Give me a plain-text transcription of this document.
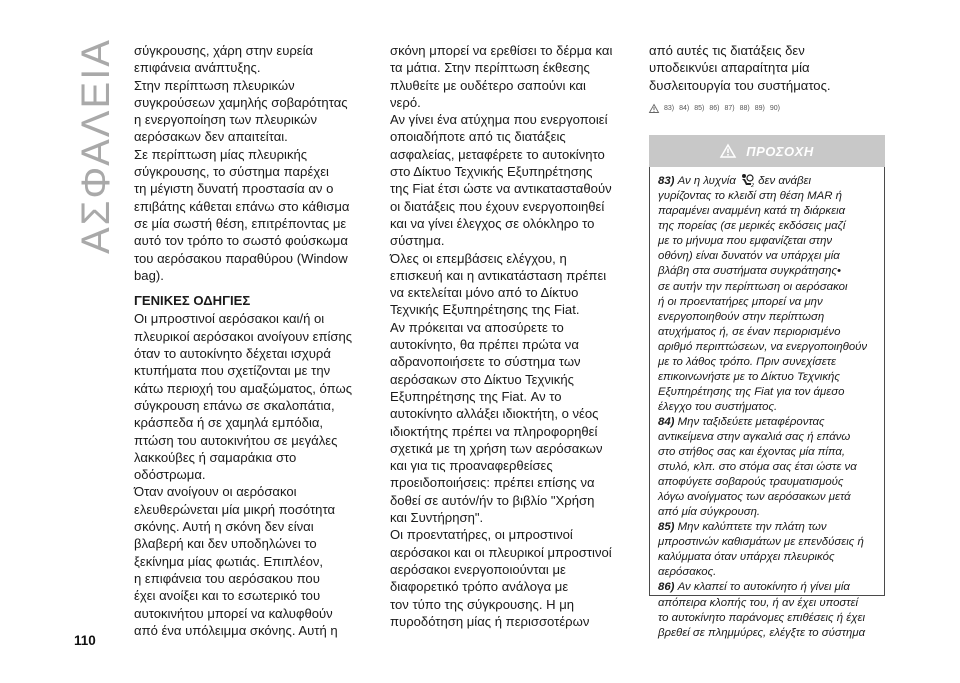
ΑΣΦΑΛΕΙΑ
110

σύγκρουσης, χάρη στην ευρεία

επιφάνεια ανάπτυξης.

Στην περίπτωση πλευρικών

συγκρούσεων χαμηλής σοβαρότητας

η ενεργοποίηση των πλευρικών

αερόσακων δεν απαιτείται.

Σε περίπτωση μίας πλευρικής

σύγκρουσης, το σύστημα παρέχει

τη μέγιστη δυνατή προστασία αν ο

επιβάτης κάθεται επάνω στο κάθισμα

σε μία σωστή θέση, επιτρέποντας με

αυτό τον τρόπο το σωστό φούσκωμα

του αερόσακου παραθύρου (Window

bag).

ΓΕΝΙΚΕΣ ΟΔΗΓΙΕΣ

Οι μπροστινοί αερόσακοι και/ή οι

πλευρικοί αερόσακοι ανοίγουν επίσης

όταν το αυτοκίνητο δέχεται ισχυρά

κτυπήματα που σχετίζονται με την

κάτω περιοχή του αμαξώματος, όπως

σύγκρουση επάνω σε σκαλοπάτια,

κράσπεδα ή σε χαμηλά εμπόδια,

πτώση του αυτοκινήτου σε μεγάλες

λακκούβες ή σαμαράκια στο

οδόστρωμα.

Όταν ανοίγουν οι αερόσακοι

ελευθερώνεται μία μικρή ποσότητα

σκόνης. Αυτή η σκόνη δεν είναι

βλαβερή και δεν υποδηλώνει το

ξεκίνημα μίας φωτιάς. Επιπλέον,

η επιφάνεια του αερόσακου που

έχει ανοίξει και το εσωτερικό του

αυτοκινήτου μπορεί να καλυφθούν

από ένα υπόλειμμα σκόνης. Αυτή η

σκόνη μπορεί να ερεθίσει το δέρμα και

τα μάτια. Στην περίπτωση έκθεσης

πλυθείτε με ουδέτερο σαπούνι και

νερό.

Αν γίνει ένα ατύχημα που ενεργοποιεί

οποιαδήποτε από τις διατάξεις

ασφαλείας, μεταφέρετε το αυτοκίνητο

στο Δίκτυο Τεχνικής Εξυπηρέτησης

της Fiat έτσι ώστε να αντικατασταθούν

οι διατάξεις που έχουν ενεργοποιηθεί

και να γίνει έλεγχος σε ολόκληρο το

σύστημα.

Όλες οι επεμβάσεις ελέγχου, η

επισκευή και η αντικατάσταση πρέπει

να εκτελείται μόνο από το Δίκτυο

Τεχνικής Εξυπηρέτησης της Fiat.

Αν πρόκειται να αποσύρετε το

αυτοκίνητο, θα πρέπει πρώτα να

αδρανοποιήσετε το σύστημα των

αερόσακων στο Δίκτυο Τεχνικής

Εξυπηρέτησης της Fiat. Αν το

αυτοκίνητο αλλάξει ιδιοκτήτη, ο νέος

ιδιοκτήτης πρέπει να πληροφορηθεί

σχετικά με τη χρήση των αερόσακων

και για τις προαναφερθείσες

προειδοποιήσεις: πρέπει επίσης να

δοθεί σε αυτόν/ήν το βιβλίο "Χρήση

και Συντήρηση".

Οι προεντατήρες, οι μπροστινοί

αερόσακοι και οι πλευρικοί μπροστινοί

αερόσακοι ενεργοποιούνται με

διαφορετικό τρόπο ανάλογα με

τον τύπο της σύγκρουσης. Η μη

πυροδότηση μίας ή περισσοτέρων

από αυτές τις διατάξεις δεν

υποδεικνύει απαραίτητα μία

δυσλειτουργία του συστήματος.

83) 84) 85) 86) 87) 88) 89) 90)
ΠΡΟΣΟΧΗ

83) Αν η λυχνία 2 δεν ανάβει

γυρίζοντας το κλειδί στη θέση MAR ή

παραμένει αναμμένη κατά τη διάρκεια

της πορείας (σε μερικές εκδόσεις μαζί

με το μήνυμα που εμφανίζεται στην

οθόνη) είναι δυνατόν να υπάρχει μία

βλάβη στα συστήματα συγκράτησης•

σε αυτήν την περίπτωση οι αερόσακοι

ή οι προεντατήρες μπορεί να μην

ενεργοποιηθούν στην περίπτωση

ατυχήματος ή, σε έναν περιορισμένο

αριθμό περιπτώσεων, να ενεργοποιηθούν

με το λάθος τρόπο. Πριν συνεχίσετε

επικοινωνήστε με το Δίκτυο Τεχνικής

Εξυπηρέτησης της Fiat για τον άμεσο

έλεγχο του συστήματος.

84) Μην ταξιδεύετε μεταφέροντας

αντικείμενα στην αγκαλιά σας ή επάνω

στο στήθος σας και έχοντας μία πίπα,

στυλό, κλπ. στο στόμα σας έτσι ώστε να

αποφύγετε σοβαρούς τραυματισμούς

λόγω ανοίγματος των αερόσακων μετά

από μία σύγκρουση.

85) Μην καλύπτετε την πλάτη των

μπροστινών καθισμάτων με επενδύσεις ή

καλύμματα όταν υπάρχει πλευρικός

αερόσακος.

86) Αν κλαπεί το αυτοκίνητο ή γίνει μία

απόπειρα κλοπής του, ή αν έχει υποστεί

το αυτοκίνητο παράνομες επιθέσεις ή έχει

βρεθεί σε πλημμύρες, ελέγξτε το σύστημα
